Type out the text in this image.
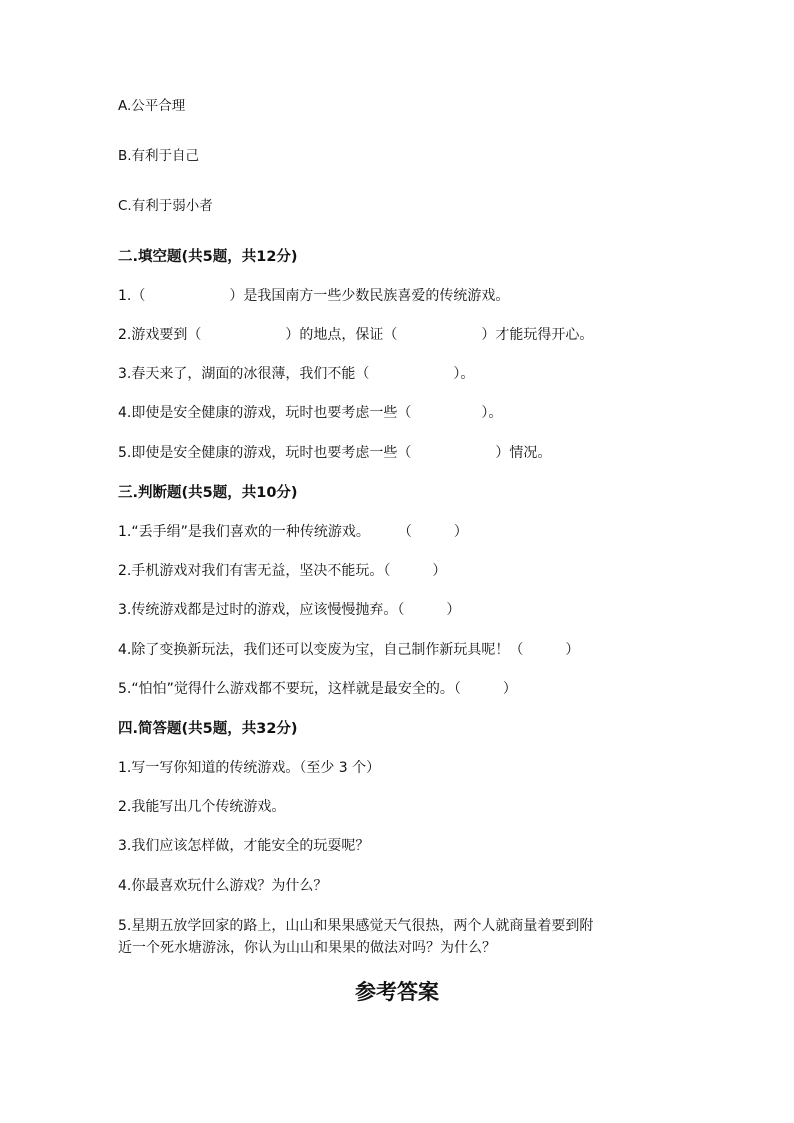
A.公平合理
B.有利于自己
C.有利于弱小者
二.填空题(共5题，共12分)
1.（　　　　　　）是我国南方一些少数民族喜爱的传统游戏。
2.游戏要到（　　　　　　）的地点，保证（　　　　　　）才能玩得开心。
3.春天来了，湖面的冰很薄，我们不能（　　　　　　）。
4.即使是安全健康的游戏，玩时也要考虑一些（　　　　　）。
5.即使是安全健康的游戏，玩时也要考虑一些（　　　　　　）情况。
三.判断题(共5题，共10分)
1.“丢手绢”是我们喜欢的一种传统游戏。　　　（　　　）
2.手机游戏对我们有害无益，坚决不能玩。（　　　）
3.传统游戏都是过时的游戏，应该慢慢抛弃。（　　　）
4.除了变换新玩法，我们还可以变废为宝，自己制作新玩具呢！（　　　）
5.“怕怕”觉得什么游戏都不要玩，这样就是最安全的。（　　　）
四.简答题(共5题，共32分)
1.写一写你知道的传统游戏。（至少 3 个）
2.我能写出几个传统游戏。
3.我们应该怎样做，才能安全的玩耍呢？
4.你最喜欢玩什么游戏？为什么？
5.星期五放学回家的路上，山山和果果感觉天气很热，两个人就商量着要到附
近一个死水塘游泳，你认为山山和果果的做法对吗？为什么？
参考答案
